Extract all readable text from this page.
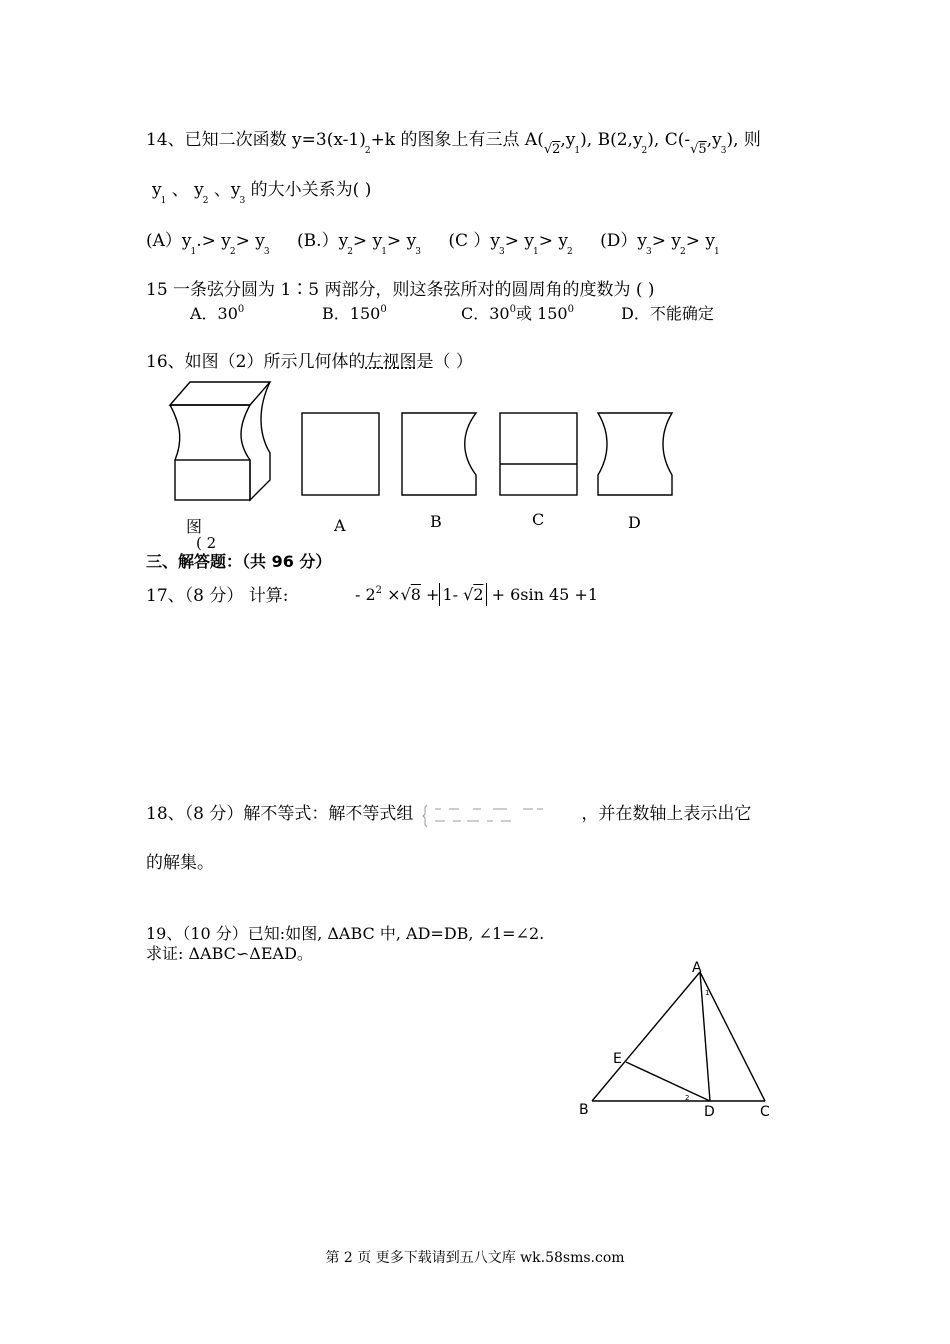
14、已知二次函数 $y=3(x-1)_2+k$ 的图象上有三点 $A(_{√2},y_1)$, $B(2,y_2)$, $C(-_{√5},y_3)$, 则
$y_1$ 、 $y_2$ 、$y_3$ 的大小关系为( )
$(A)y_1.> y_2> y_3$ $(B.)y_2> y_1> y_3$ (C ）$y_3> y_1> y_2$ $(D)y_3> y_2> y_1$
15 一条弦分圆为 1∶5 两部分，则这条弦所对的圆周角的度数为 ( )
A．$30^0$	B．$150^0$	C．$30^0$或 $150^0$	D．不能确定
16、如图（2）所示几何体的左视图是（ ）
图
( 2
A	B	C	D
三、解答题：（共 96 分）
17、（8 分） 计算:	- $2^2 \times√8 + 1-$ √2 + 6sin 45 +1
18、（8 分）解不等式：解不等式组	，并在数轴上表示出它
的解集。
19、（10 分）已知:如图, ΔABC 中, AD=DB, ∠1=∠2.
求证: ΔABC∽ΔEAD。
A
B	C
D
E
1
2
第 2 页 更多下载请到五八文库 wk.58sms.com
